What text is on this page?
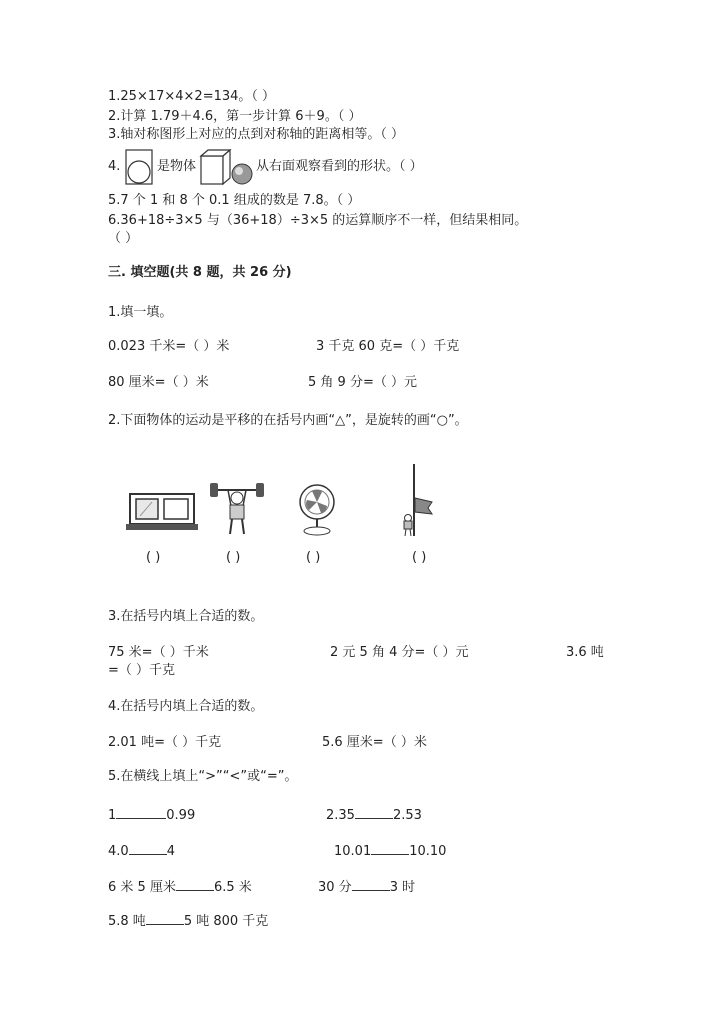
1.25×17×4×2=134。（ ）
2.计算 1.79＋4.6，第一步计算 6＋9。（ ）
3.轴对称图形上对应的点到对称轴的距离相等。（ ）
4.	是物体	从右面观察看到的形状。（ ）
5.7 个 1 和 8 个 0.1 组成的数是 7.8。（ ）
6.36+18÷3×5 与（36+18）÷3×5 的运算顺序不一样，但结果相同。
（ ）
三. 填空题(共 8 题，共 26 分)
1.填一填。
0.023 千米=（ ）米	3 千克 60 克=（ ）千克
80 厘米=（ ）米	5 角 9 分=（ ）元
2.下面物体的运动是平移的在括号内画“△”，是旋转的画“○”。
( )	( )	( )	( )
3.在括号内填上合适的数。
75 米=（ ）千米	2 元 5 角 4 分=（ ）元	3.6 吨
=（ ）千克
4.在括号内填上合适的数。
2.01 吨=（ ）千克	5.6 厘米=（ ）米
5.在横线上填上“>”“<”或“=”。
1	0.99	2.35	2.53
4.0	4	10.01	10.10
6 米 5 厘米	6.5 米	30 分	3 时
5.8 吨	5 吨 800 千克
